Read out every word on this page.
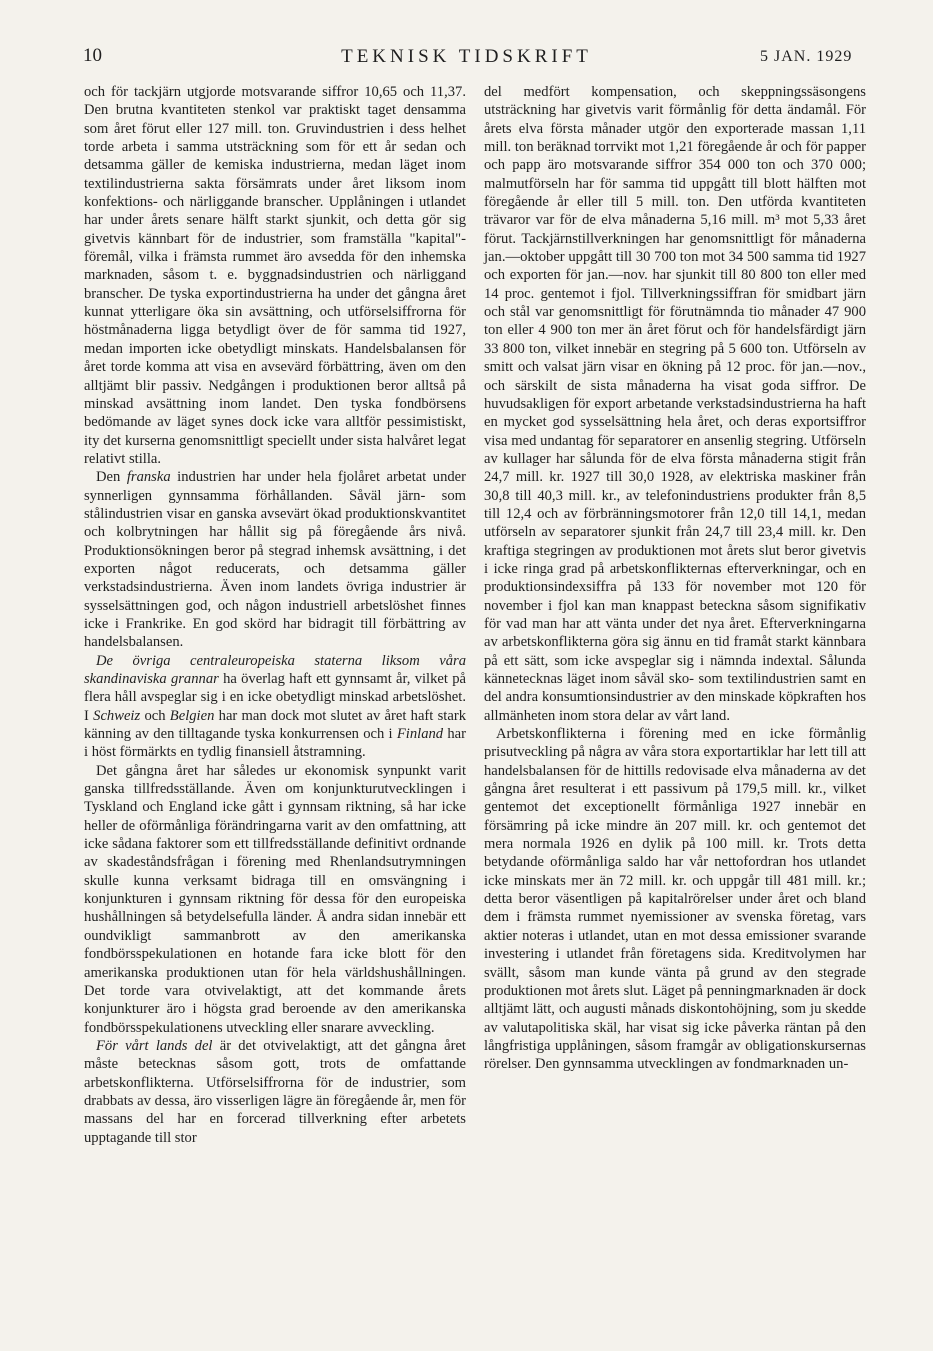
10	TEKNISK TIDSKRIFT	5 JAN. 1929

och för tackjärn utgjorde motsvarande siffror 10,65 och 11,37. Den brutna kvantiteten stenkol var praktiskt taget densamma som året förut eller 127 mill. ton. Gruvindustrien i dess helhet torde arbeta i samma utsträckning som för ett år sedan och detsamma gäller de kemiska industrierna, medan läget inom textilindustrierna sakta försämrats under året liksom inom konfektions- och närliggande branscher. Upplåningen i utlandet har under årets senare hälft starkt sjunkit, och detta gör sig givetvis kännbart för de industrier, som framställa "kapital"-föremål, vilka i främsta rummet äro avsedda för den inhemska marknaden, såsom t. e. byggnadsindustrien och närliggand branscher. De tyska exportindustrierna ha under det gångna året kunnat ytterligare öka sin avsättning, och utförselsiffrorna för höstmånaderna ligga betydligt över de för samma tid 1927, medan importen icke obetydligt minskats. Handelsbalansen för året torde komma att visa en avsevärd förbättring, även om den alltjämt blir passiv. Nedgången i produktionen beror alltså på minskad avsättning inom landet. Den tyska fondbörsens bedömande av läget synes dock icke vara alltför pessimistiskt, ity det kurserna genomsnittligt speciellt under sista halvåret legat relativt stilla.

Den franska industrien har under hela fjolåret arbetat under synnerligen gynnsamma förhållanden. Såväl järn- som stålindustrien visar en ganska avsevärt ökad produktionskvantitet och kolbrytningen har hållit sig på föregående års nivå. Produktionsökningen beror på stegrad inhemsk avsättning, i det exporten något reducerats, och detsamma gäller verkstadsindustrierna. Även inom landets övriga industrier är sysselsättningen god, och någon industriell arbetslöshet finnes icke i Frankrike. En god skörd har bidragit till förbättring av handelsbalansen.

De övriga centraleuropeiska staterna liksom våra skandinaviska grannar ha överlag haft ett gynnsamt år, vilket på flera håll avspeglar sig i en icke obetydligt minskad arbetslöshet. I Schweiz och Belgien har man dock mot slutet av året haft stark känning av den tilltagande tyska konkurrensen och i Finland har i höst förmärkts en tydlig finansiell åtstramning.

Det gångna året har således ur ekonomisk synpunkt varit ganska tillfredsställande. Även om konjunkturutvecklingen i Tyskland och England icke gått i gynnsam riktning, så har icke heller de oförmånliga förändringarna varit av den omfattning, att icke sådana faktorer som ett tillfredsställande definitivt ordnande av skadeståndsfrågan i förening med Rhenlandsutrymningen skulle kunna verksamt bidraga till en omsvängning i konjunkturen i gynnsam riktning för dessa för den europeiska hushållningen så betydelsefulla länder. Å andra sidan innebär ett oundvikligt sammanbrott av den amerikanska fondbörsspekulationen en hotande fara icke blott för den amerikanska produktionen utan för hela världshushållningen. Det torde vara otvivelaktigt, att det kommande årets konjunkturer äro i högsta grad beroende av den amerikanska fondbörsspekulationens utveckling eller snarare avveckling.

För vårt lands del är det otvivelaktigt, att det gångna året måste betecknas såsom gott, trots de omfattande arbetskonflikterna. Utförselsiffrorna för de industrier, som drabbats av dessa, äro visserligen lägre än föregående år, men för massans del har en forcerad tillverkning efter arbetets upptagande till stor

del medfört kompensation, och skeppningssäsongens utsträckning har givetvis varit förmånlig för detta ändamål. För årets elva första månader utgör den exporterade massan 1,11 mill. ton beräknad torrvikt mot 1,21 föregående år och för papper och papp äro motsvarande siffror 354 000 ton och 370 000; malmutförseln har för samma tid uppgått till blott hälften mot föregående år eller till 5 mill. ton. Den utförda kvantiteten trävaror var för de elva månaderna 5,16 mill. m³ mot 5,33 året förut. Tackjärnstillverkningen har genomsnittligt för månaderna jan.—oktober uppgått till 30 700 ton mot 34 500 samma tid 1927 och exporten för jan.—nov. har sjunkit till 80 800 ton eller med 14 proc. gentemot i fjol. Tillverkningssiffran för smidbart järn och stål var genomsnittligt för förutnämnda tio månader 47 900 ton eller 4 900 ton mer än året förut och för handelsfärdigt järn 33 800 ton, vilket innebär en stegring på 5 600 ton. Utförseln av smitt och valsat järn visar en ökning på 12 proc. för jan.—nov., och särskilt de sista månaderna ha visat goda siffror. De huvudsakligen för export arbetande verkstadsindustrierna ha haft en mycket god sysselsättning hela året, och deras exportsiffror visa med undantag för separatorer en ansenlig stegring. Utförseln av kullager har sålunda för de elva första månaderna stigit från 24,7 mill. kr. 1927 till 30,0 1928, av elektriska maskiner från 30,8 till 40,3 mill. kr., av telefonindustriens produkter från 8,5 till 12,4 och av förbränningsmotorer från 12,0 till 14,1, medan utförseln av separatorer sjunkit från 24,7 till 23,4 mill. kr. Den kraftiga stegringen av produktionen mot årets slut beror givetvis i icke ringa grad på arbetskonflikternas efterverkningar, och en produktionsindexsiffra på 133 för november mot 120 för november i fjol kan man knappast beteckna såsom signifikativ för vad man har att vänta under det nya året. Efterverkningarna av arbetskonflikterna göra sig ännu en tid framåt starkt kännbara på ett sätt, som icke avspeglar sig i nämnda indextal. Sålunda kännetecknas läget inom såväl sko- som textilindustrien samt en del andra konsumtionsindustrier av den minskade köpkraften hos allmänheten inom stora delar av vårt land.

Arbetskonflikterna i förening med en icke förmånlig prisutveckling på några av våra stora exportartiklar har lett till att handelsbalansen för de hittills redovisade elva månaderna av det gångna året resulterat i ett passivum på 179,5 mill. kr., vilket gentemot det exceptionellt förmånliga 1927 innebär en försämring på icke mindre än 207 mill. kr. och gentemot det mera normala 1926 en dylik på 100 mill. kr. Trots detta betydande oförmånliga saldo har vår nettofordran hos utlandet icke minskats mer än 72 mill. kr. och uppgår till 481 mill. kr.; detta beror väsentligen på kapitalrörelser under året och bland dem i främsta rummet nyemissioner av svenska företag, vars aktier noteras i utlandet, utan en mot dessa emissioner svarande investering i utlandet från företagens sida. Kreditvolymen har svällt, såsom man kunde vänta på grund av den stegrade produktionen mot årets slut. Läget på penningmarknaden är dock alltjämt lätt, och augusti månads diskontohöjning, som ju skedde av valutapolitiska skäl, har visat sig icke påverka räntan på den långfristiga upplåningen, såsom framgår av obligationskursernas rörelser. Den gynnsamma utvecklingen av fondmarknaden un-
